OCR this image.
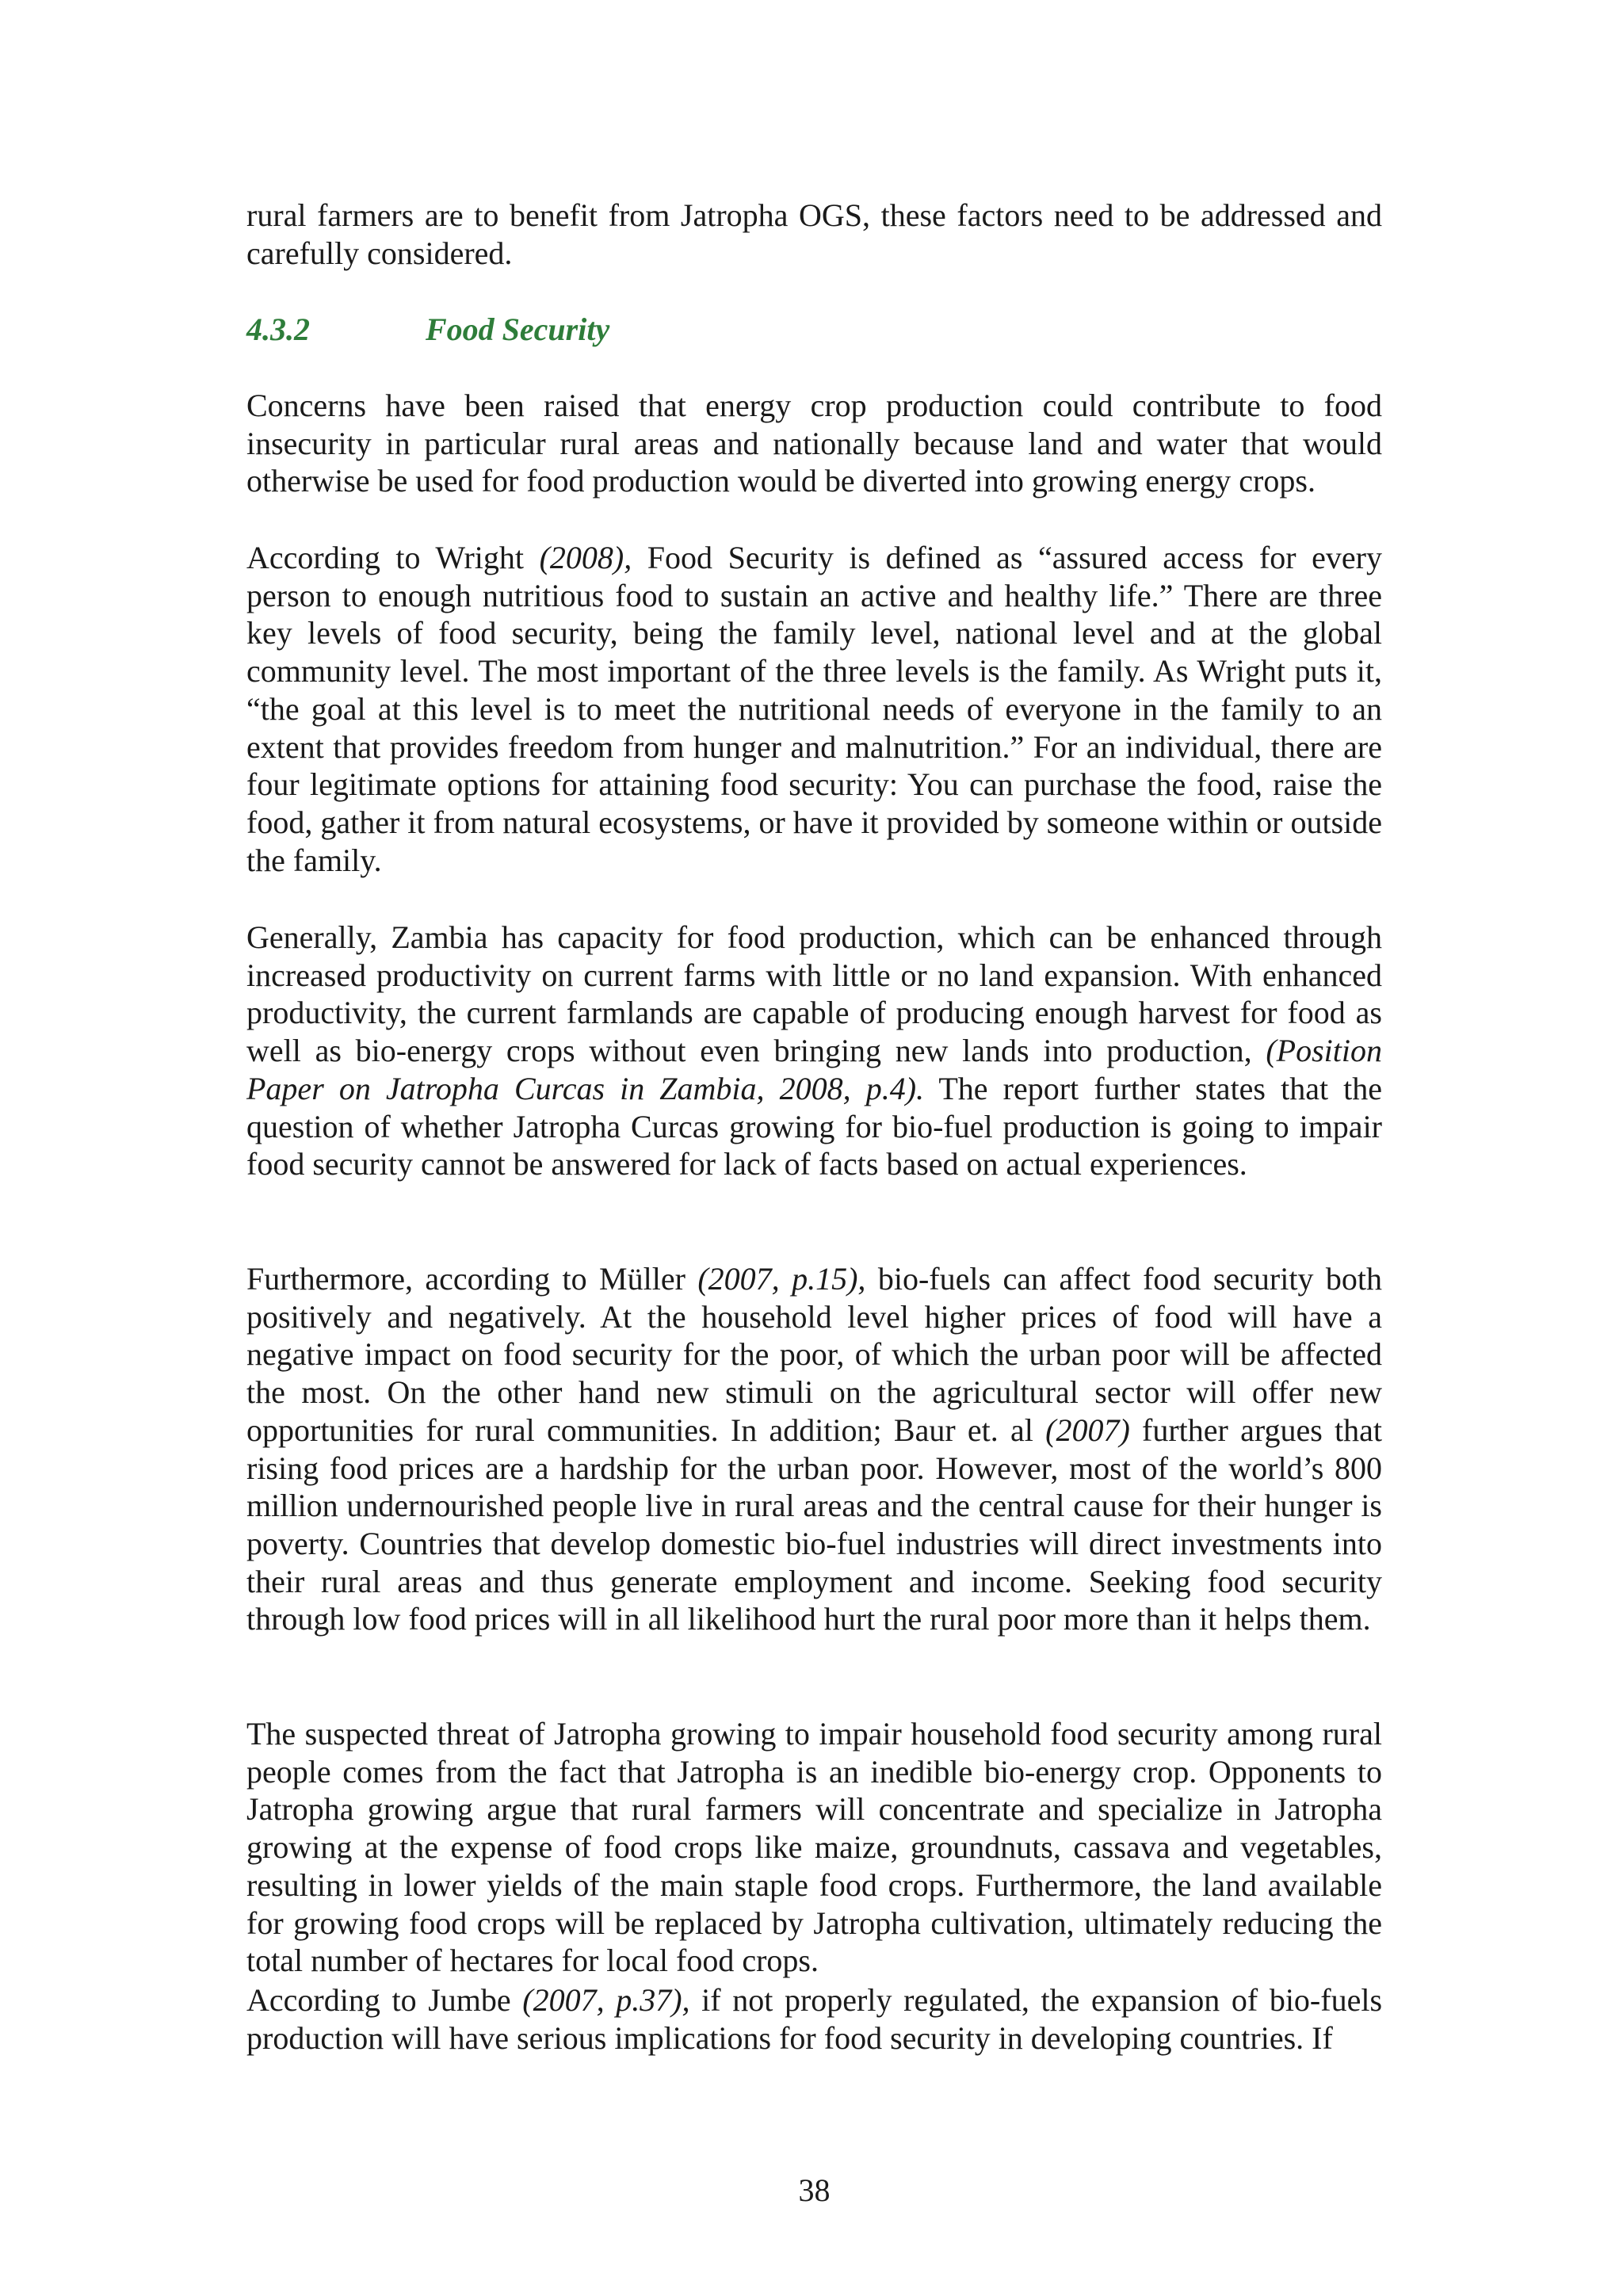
rural farmers are to benefit from Jatropha OGS, these factors need to be addressed and carefully considered.

4.3.2	Food Security

Concerns have been raised that energy crop production could contribute to food insecurity in particular rural areas and nationally because land and water that would otherwise be used for food production would be diverted into growing energy crops.

According to Wright (2008), Food Security is defined as “assured access for every person to enough nutritious food to sustain an active and healthy life.” There are three key levels of food security, being the family level, national level and at the global community level. The most important of the three levels is the family. As Wright puts it, “the goal at this level is to meet the nutritional needs of everyone in the family to an extent that provides freedom from hunger and malnutrition.” For an individual, there are four legitimate options for attaining food security: You can purchase the food, raise the food, gather it from natural ecosystems, or have it provided by someone within or outside the family.

Generally, Zambia has capacity for food production, which can be enhanced through increased productivity on current farms with little or no land expansion. With enhanced productivity, the current farmlands are capable of producing enough harvest for food as well as bio-energy crops without even bringing new lands into production, (Position Paper on Jatropha Curcas in Zambia, 2008, p.4). The report further states that the question of whether Jatropha Curcas growing for bio-fuel production is going to impair food security cannot be answered for lack of facts based on actual experiences.

Furthermore, according to Müller (2007, p.15), bio-fuels can affect food security both positively and negatively. At the household level higher prices of food will have a negative impact on food security for the poor, of which the urban poor will be affected the most. On the other hand new stimuli on the agricultural sector will offer new opportunities for rural communities. In addition; Baur et. al (2007) further argues that rising food prices are a hardship for the urban poor. However, most of the world’s 800 million undernourished people live in rural areas and the central cause for their hunger is poverty. Countries that develop domestic bio-fuel industries will direct investments into their rural areas and thus generate employment and income. Seeking food security through low food prices will in all likelihood hurt the rural poor more than it helps them.

The suspected threat of Jatropha growing to impair household food security among rural people comes from the fact that Jatropha is an inedible bio-energy crop. Opponents to Jatropha growing argue that rural farmers will concentrate and specialize in Jatropha growing at the expense of food crops like maize, groundnuts, cassava and vegetables, resulting in lower yields of the main staple food crops. Furthermore, the land available for growing food crops will be replaced by Jatropha cultivation, ultimately reducing the total number of hectares for local food crops.

According to Jumbe (2007, p.37), if not properly regulated, the expansion of bio-fuels production will have serious implications for food security in developing countries. If

38
